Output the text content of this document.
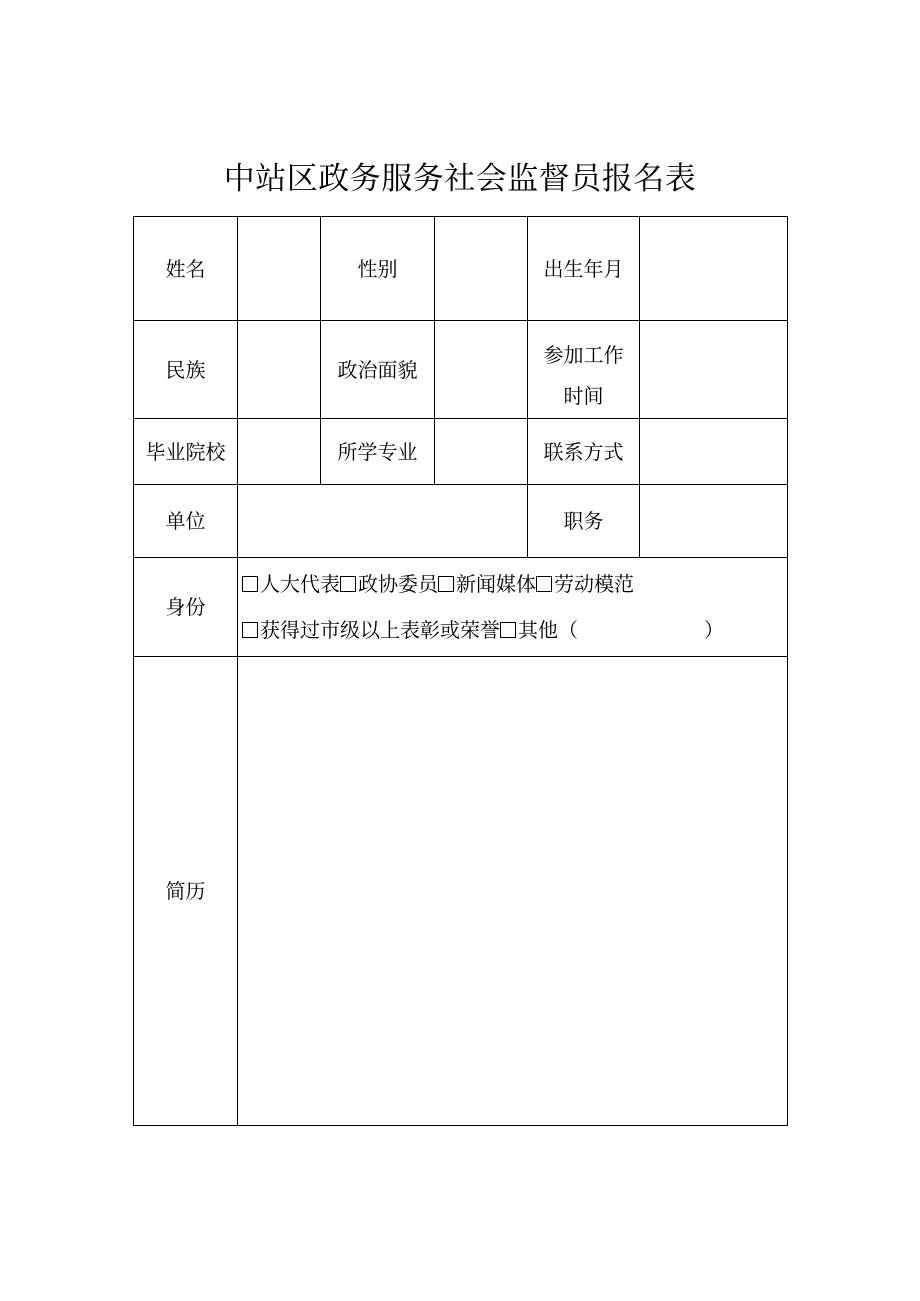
中站区政务服务社会监督员报名表
姓名		性别		出生年月	
民族		政治面貌		参加工作
时间	

毕业院校		所学专业		联系方式	
单位				职务	
身份	人大代表 政协委员 新闻媒体 劳动模范
获得过市级以上表彰或荣誉 其他（ ）				

简历					
